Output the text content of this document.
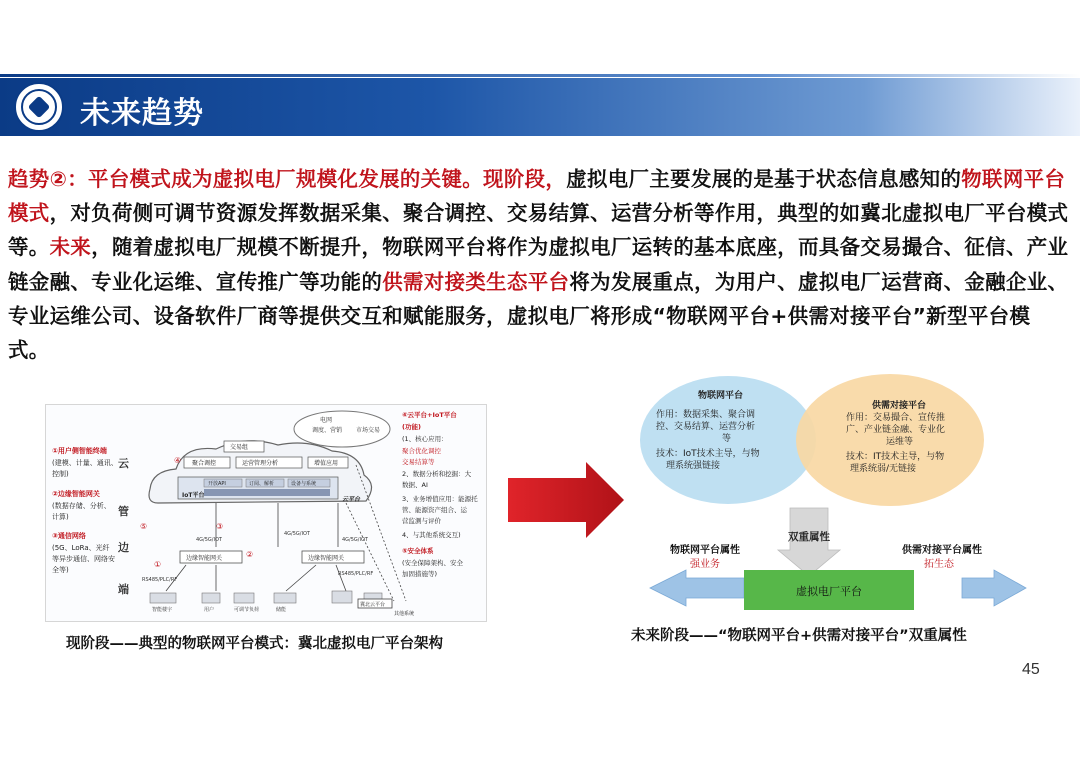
未来趋势
趋势②：平台模式成为虚拟电厂规模化发展的关键。现阶段，虚拟电厂主要发展的是基于状态信息感知的物联网平台模式，对负荷侧可调节资源发挥数据采集、聚合调控、交易结算、运营分析等作用，典型的如冀北虚拟电厂平台模式等。未来，随着虚拟电厂规模不断提升，物联网平台将作为虚拟电厂运转的基本底座，而具备交易撮合、征信、产业链金融、专业化运维、宣传推广等功能的供需对接类生态平台将为发展重点，为用户、虚拟电厂运营商、金融企业、专业运维公司、设备软件厂商等提供交互和赋能服务，虚拟电厂将形成“物联网平台+供需对接平台”新型平台模式。
①用户侧智能终端
(建模、计量、通讯、
控制)
②边缘智能网关
(数据存储、分析、
计算)
③通信网络
(5G、LoRa、光纤
等异步通信、网络安
全等)
云
管
边
端
电网
调度、营销 市场交易
交易组
聚合调控	运营管理分析	增值应用
IoT平台
开放API	订阅、解析	设备与系统
云平台
④
⑤	③
②
①
4G/5G/IOT
4G/5G/IOT
4G/5G/IOT
边缘智能网关	边缘智能网关
RS485/PLC/RF
RS485/PLC/RF
智能楼宇	用户	可调节负荷	储能
冀北云平台
其他系统
④云平台+IoT平台
(功能)
(1、核心应用：
聚合优化调控
交易结算等
2、数据分析和挖掘：大
数据、AI
3、业务增值应用：能源托
管、能源资产组合、运
营监测与评价
4、与其他系统交互)
⑤安全体系
(安全保障架构、安全
加固措施等)
现阶段——典型的物联网平台模式：冀北虚拟电厂平台架构
物联网平台
作用：数据采集、聚合调
控、交易结算、运营分析
等
技术：IoT技术主导，与物
理系统强链接
供需对接平台
作用：交易撮合、宣传推
广、产业链金融、专业化
运维等
技术：IT技术主导，与物
理系统弱/无链接
双重属性
虚拟电厂平台
物联网平台属性	供需对接平台属性
强业务	拓生态
未来阶段——“物联网平台+供需对接平台”双重属性
45
